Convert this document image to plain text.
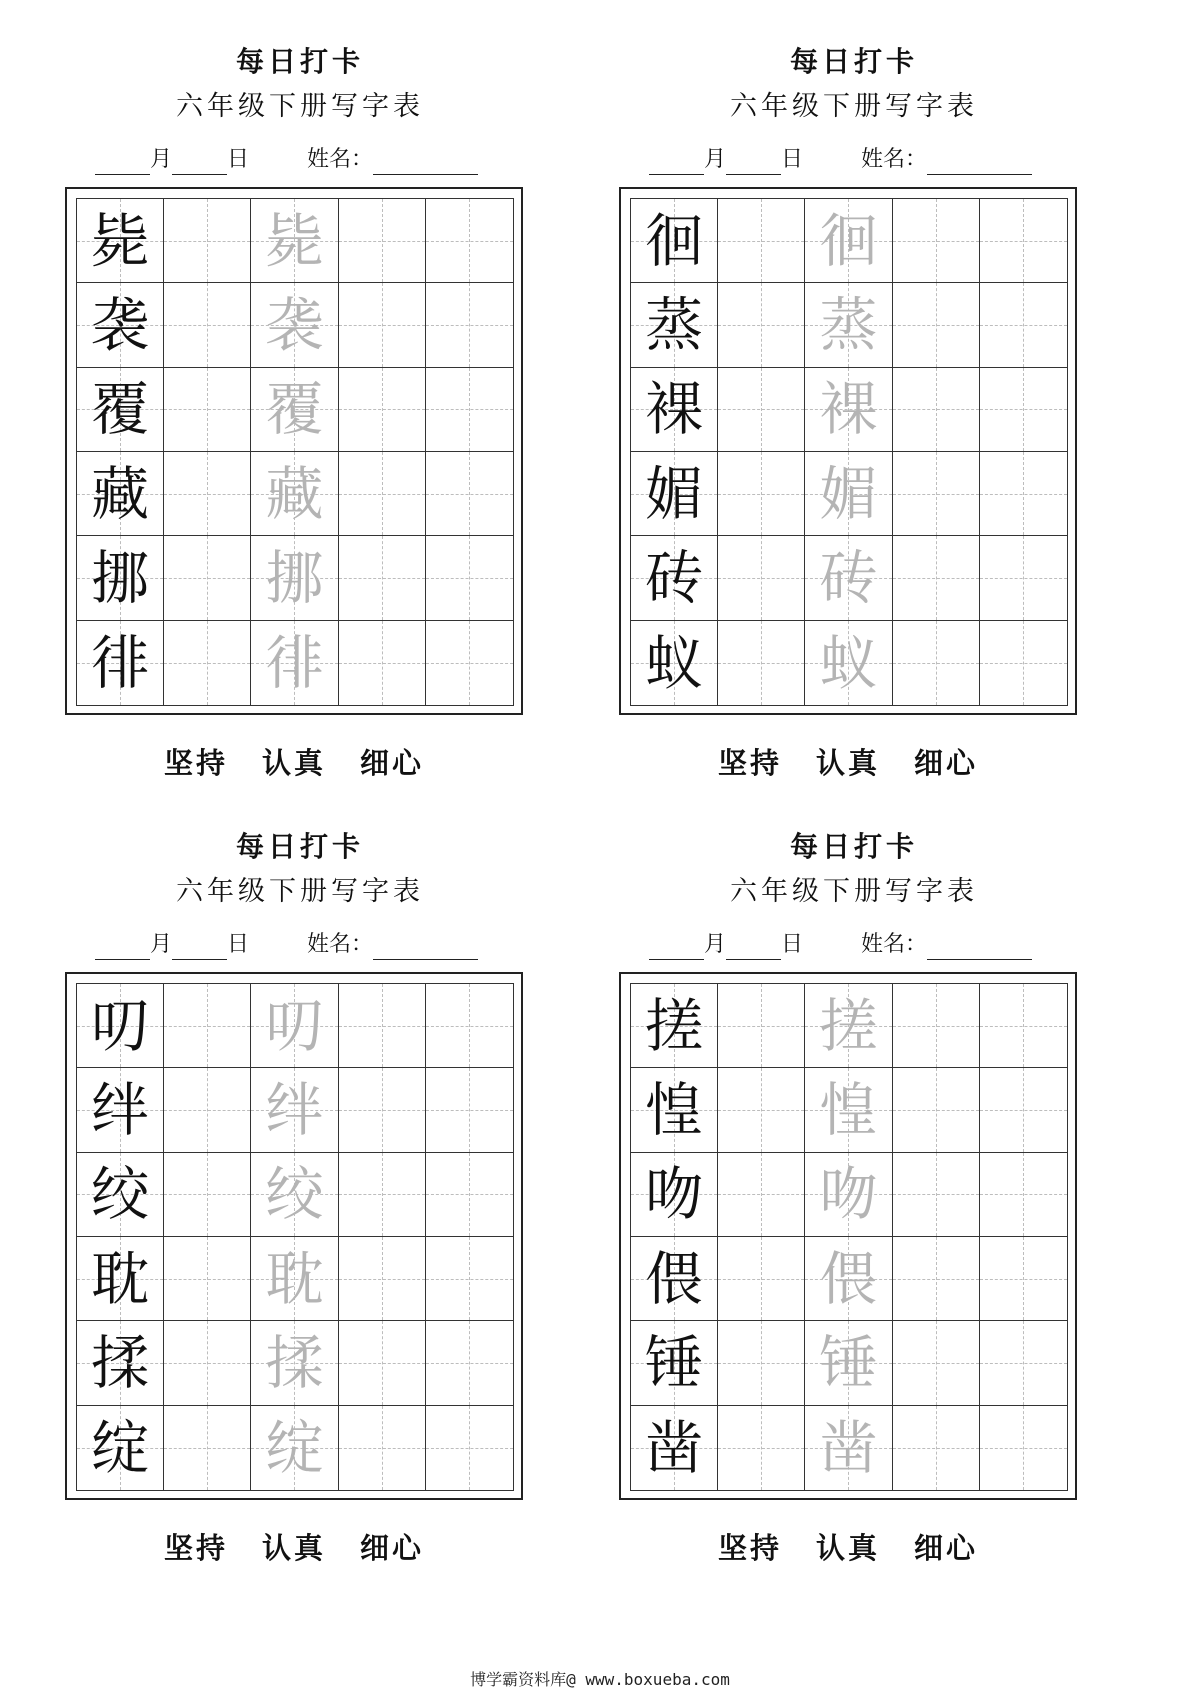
每日打卡
六年级下册写字表
月	日	姓名：
毙 毙
袭 袭
覆 覆
藏 藏
挪 挪
徘 徘
坚持 认真 细心
每日打卡
六年级下册写字表
月	日	姓名：
徊 徊
蒸 蒸
裸 裸
媚 媚
砖 砖
蚁 蚁
坚持 认真 细心
每日打卡
六年级下册写字表
月	日	姓名：
叨 叨
绊 绊
绞 绞
耽 耽
揉 揉
绽 绽
坚持 认真 细心
每日打卡
六年级下册写字表
月	日	姓名：
搓 搓
惶 惶
吻 吻
偎 偎
锤 锤
凿 凿
坚持 认真 细心
博学霸资料库@ www.boxueba.com
